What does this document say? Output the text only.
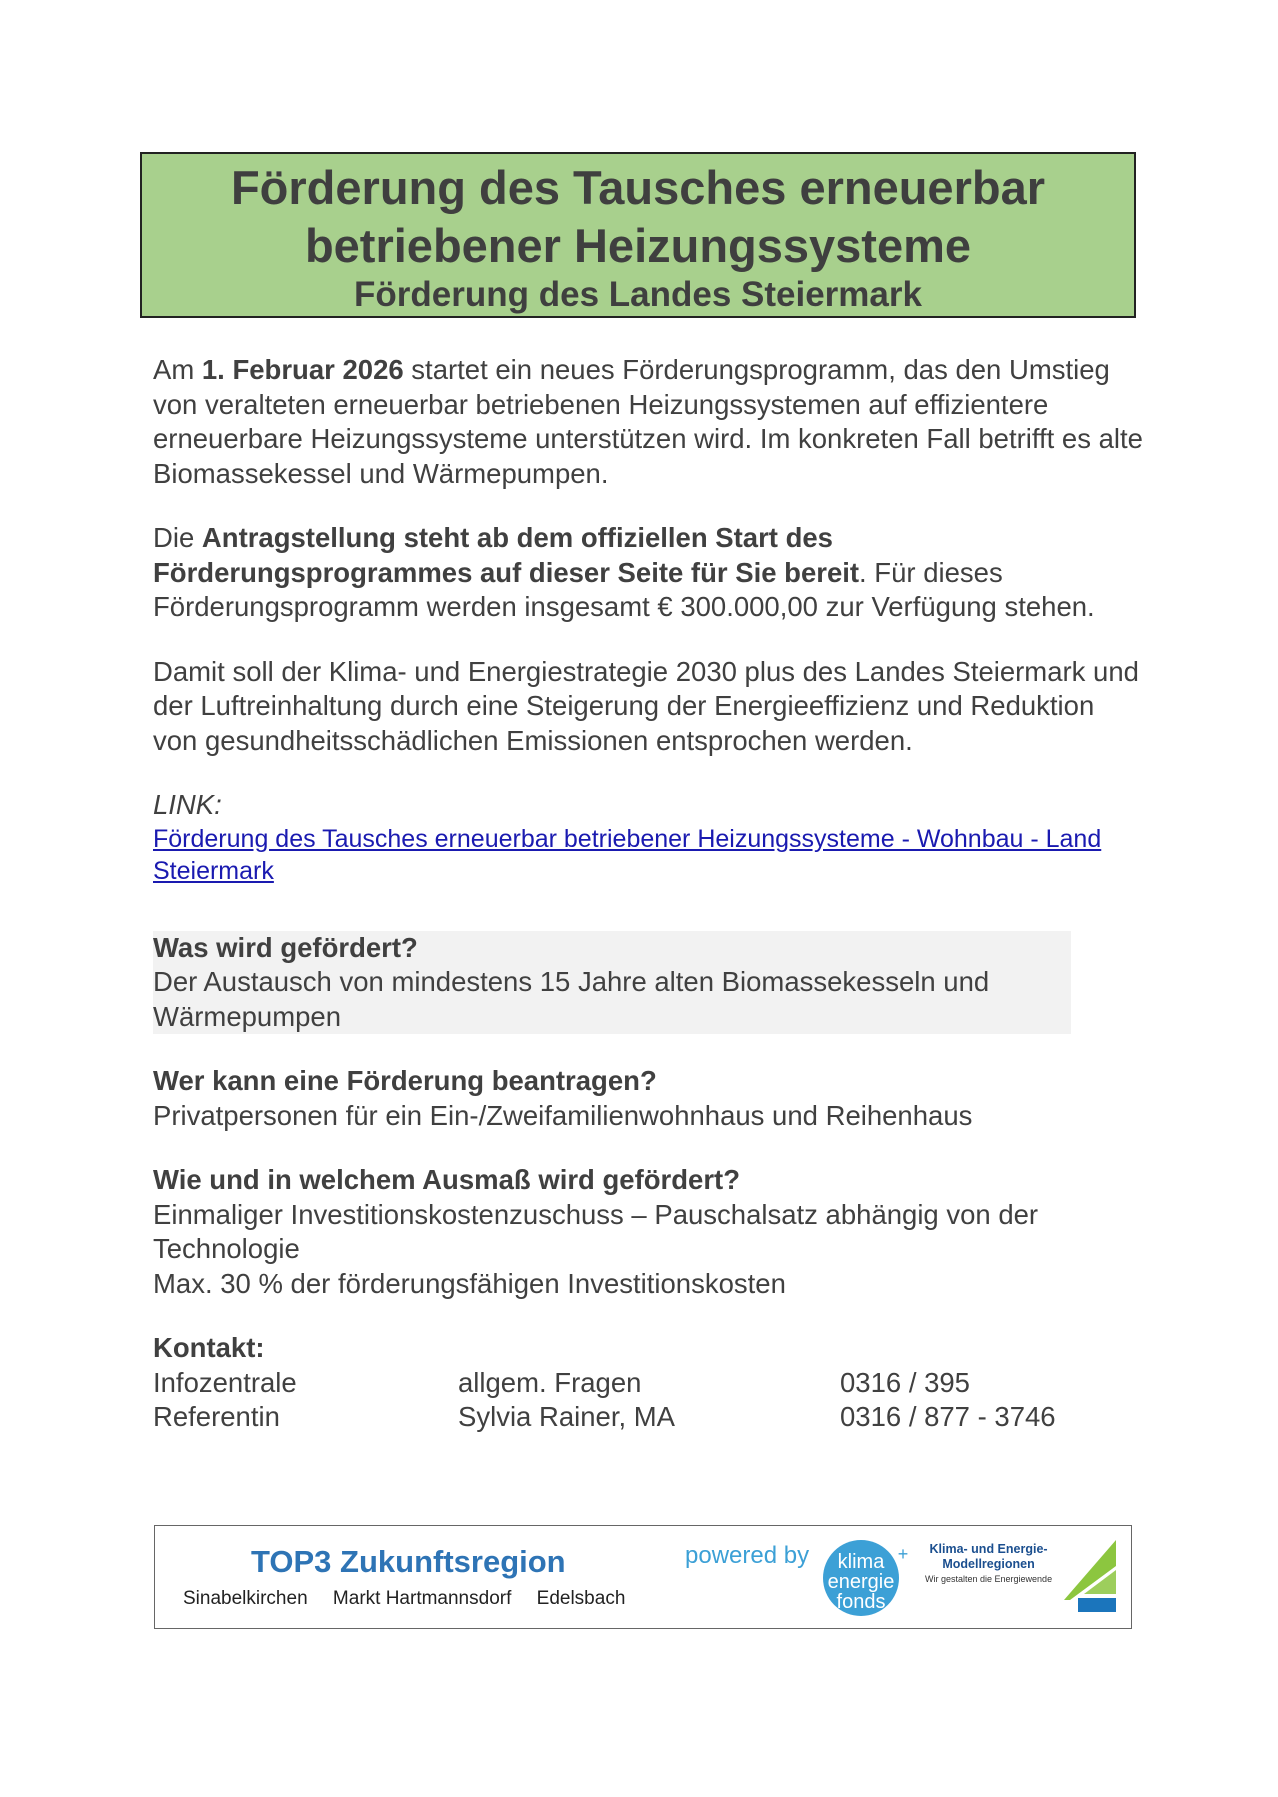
Förderung des Tausches erneuerbar
betriebener Heizungssysteme
Förderung des Landes Steiermark

Am 1. Februar 2026 startet ein neues Förderungsprogramm, das den Umstieg von veralteten erneuerbar betriebenen Heizungssystemen auf effizientere erneuerbare Heizungssysteme unterstützen wird. Im konkreten Fall betrifft es alte Biomassekessel und Wärmepumpen.

Die Antragstellung steht ab dem offiziellen Start des Förderungsprogrammes auf dieser Seite für Sie bereit. Für dieses Förderungsprogramm werden insgesamt € 300.000,00 zur Verfügung stehen.

Damit soll der Klima- und Energiestrategie 2030 plus des Landes Steiermark und der Luftreinhaltung durch eine Steigerung der Energieeffizienz und Reduktion von gesundheitsschädlichen Emissionen entsprochen werden.

LINK:
Förderung des Tausches erneuerbar betriebener Heizungssysteme - Wohnbau - Land Steiermark
Was wird gefördert?
Der Austausch von mindestens 15 Jahre alten Biomassekesseln und Wärmepumpen
Wer kann eine Förderung beantragen?
Privatpersonen für ein Ein-/Zweifamilienwohnhaus und Reihenhaus
Wie und in welchem Ausmaß wird gefördert?
Einmaliger Investitionskostenzuschuss – Pauschalsatz abhängig von der Technologie
Max. 30 % der förderungsfähigen Investitionskosten
Kontakt:
Infozentrale	allgem. Fragen	0316 / 395
Referentin	Sylvia Rainer, MA	0316 / 877 - 3746
TOP3 Zukunftsregion
Sinabelkirchen Markt Hartmannsdorf Edelsbach
powered by klima
energie
fonds
+	Klima- und Energie-
Modellregionen
Wir gestalten die Energiewende
